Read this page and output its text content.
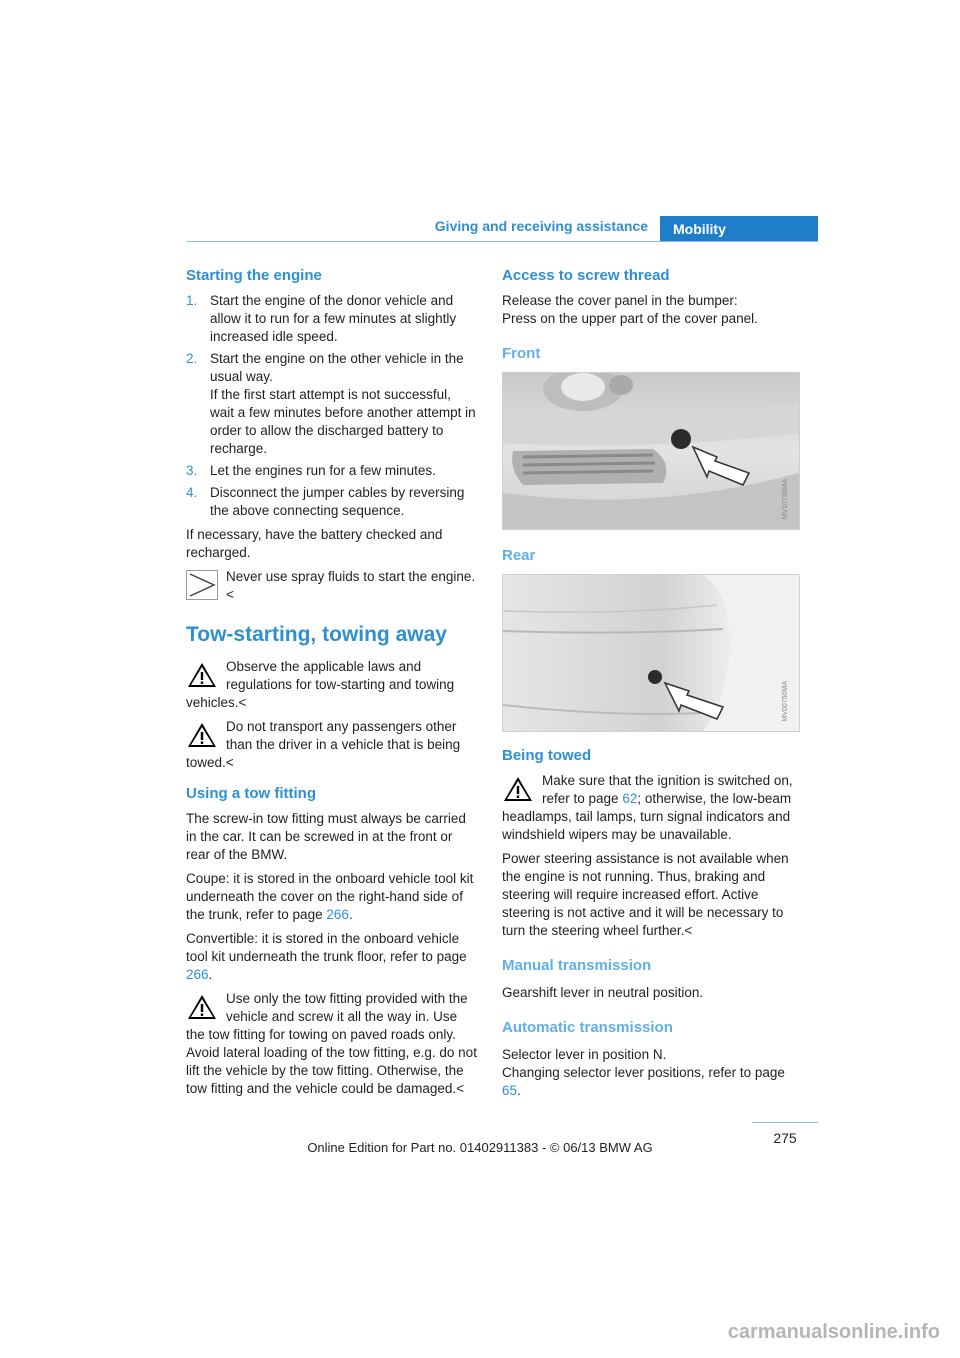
Giving and receiving assistance	Mobility
Starting the engine
1. Start the engine of the donor vehicle and allow it to run for a few minutes at slightly increased idle speed.
2. Start the engine on the other vehicle in the usual way.
If the first start attempt is not successful, wait a few minutes before another attempt in order to allow the discharged battery to recharge.
3. Let the engines run for a few minutes.
4. Disconnect the jumper cables by reversing the above connecting sequence.

If necessary, have the battery checked and recharged.

Never use spray fluids to start the engine.<
Tow-starting, towing away
Observe the applicable laws and regulations for tow-starting and towing vehicles.<
Do not transport any passengers other than the driver in a vehicle that is being towed.<
Using a tow fitting

The screw-in tow fitting must always be carried in the car. It can be screwed in at the front or rear of the BMW.

Coupe: it is stored in the onboard vehicle tool kit underneath the cover on the right-hand side of the trunk, refer to page 266.

Convertible: it is stored in the onboard vehicle tool kit underneath the trunk floor, refer to page 266.

Use only the tow fitting provided with the vehicle and screw it all the way in. Use the tow fitting for towing on paved roads only. Avoid lateral loading of the tow fitting, e.g. do not lift the vehicle by the tow fitting. Otherwise, the tow fitting and the vehicle could be damaged.<
Access to screw thread

Release the cover panel in the bumper:

Press on the upper part of the cover panel.

Front
MV10790MA
Rear
MV00750MA
Being towed
Make sure that the ignition is switched on, refer to page 62; otherwise, the low-beam headlamps, tail lamps, turn signal indicators and windshield wipers may be unavailable.

Power steering assistance is not available when the engine is not running. Thus, braking and steering will require increased effort. Active steering is not active and it will be necessary to turn the steering wheel further.<

Manual transmission

Gearshift lever in neutral position.

Automatic transmission

Selector lever in position N.

Changing selector lever positions, refer to page 65.

275
Online Edition for Part no. 01402911383 - © 06/13 BMW AG
carmanualsonline.info
